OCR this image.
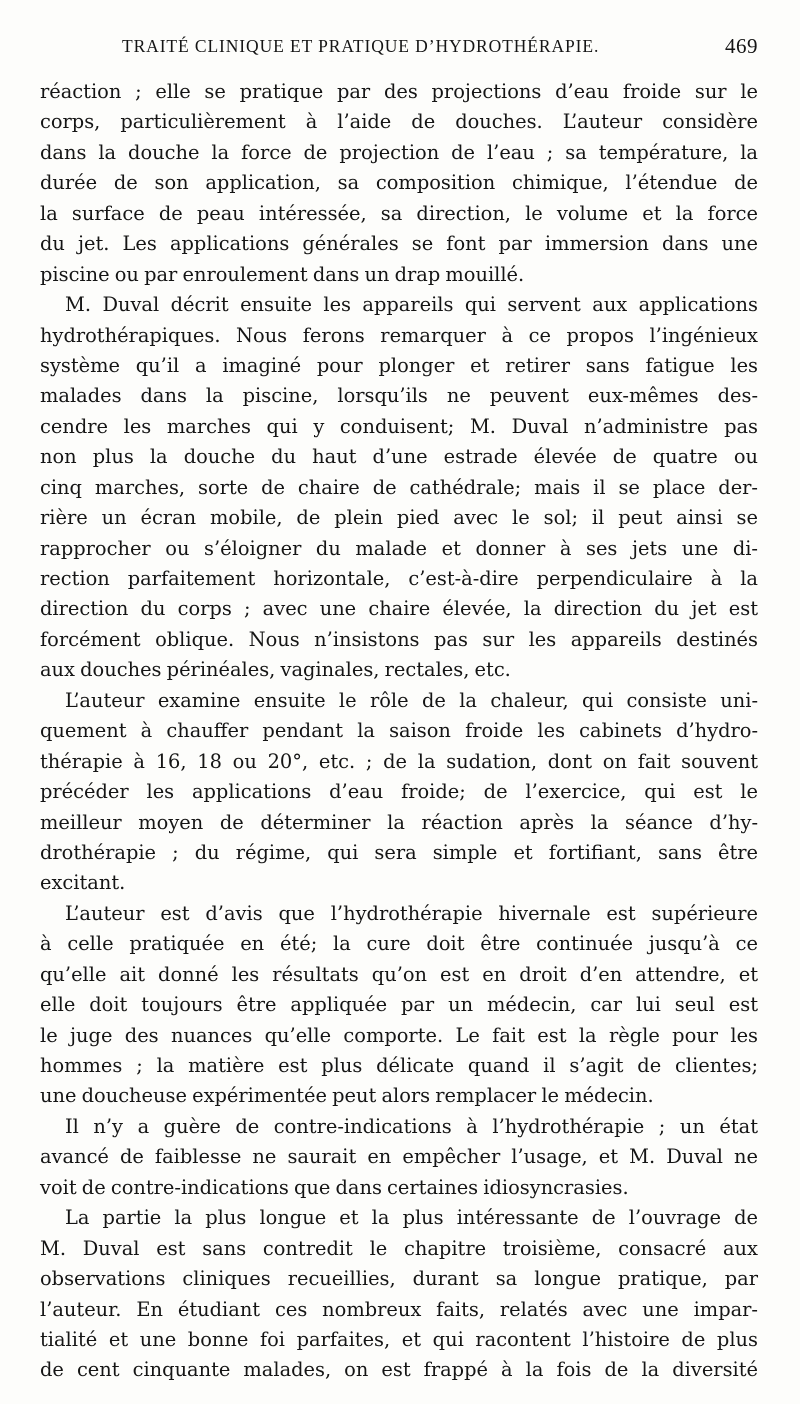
TRAITÉ CLINIQUE ET PRATIQUE D’HYDROTHÉRAPIE.	469
réaction ; elle se pratique par des projections d’eau froide sur le
corps, particulièrement à l’aide de douches. L’auteur considère
dans la douche la force de projection de l’eau ; sa température, la
durée de son application, sa composition chimique, l’étendue de
la surface de peau intéressée, sa direction, le volume et la force
du jet. Les applications générales se font par immersion dans une
piscine ou par enroulement dans un drap mouillé.
M. Duval décrit ensuite les appareils qui servent aux applications
hydrothérapiques. Nous ferons remarquer à ce propos l’ingénieux
système qu’il a imaginé pour plonger et retirer sans fatigue les
malades dans la piscine, lorsqu’ils ne peuvent eux-mêmes des-
cendre les marches qui y conduisent; M. Duval n’administre pas
non plus la douche du haut d’une estrade élevée de quatre ou
cinq marches, sorte de chaire de cathédrale; mais il se place der-
rière un écran mobile, de plein pied avec le sol; il peut ainsi se
rapprocher ou s’éloigner du malade et donner à ses jets une di-
rection parfaitement horizontale, c’est-à-dire perpendiculaire à la
direction du corps ; avec une chaire élevée, la direction du jet est
forcément oblique. Nous n’insistons pas sur les appareils destinés
aux douches périnéales, vaginales, rectales, etc.
L’auteur examine ensuite le rôle de la chaleur, qui consiste uni-
quement à chauffer pendant la saison froide les cabinets d’hydro-
thérapie à 16, 18 ou 20°, etc. ; de la sudation, dont on fait souvent
précéder les applications d’eau froide; de l’exercice, qui est le
meilleur moyen de déterminer la réaction après la séance d’hy-
drothérapie ; du régime, qui sera simple et fortifiant, sans être
excitant.
L’auteur est d’avis que l’hydrothérapie hivernale est supérieure
à celle pratiquée en été; la cure doit être continuée jusqu’à ce
qu’elle ait donné les résultats qu’on est en droit d’en attendre, et
elle doit toujours être appliquée par un médecin, car lui seul est
le juge des nuances qu’elle comporte. Le fait est la règle pour les
hommes ; la matière est plus délicate quand il s’agit de clientes;
une doucheuse expérimentée peut alors remplacer le médecin.
Il n’y a guère de contre-indications à l’hydrothérapie ; un état
avancé de faiblesse ne saurait en empêcher l’usage, et M. Duval ne
voit de contre-indications que dans certaines idiosyncrasies.
La partie la plus longue et la plus intéressante de l’ouvrage de
M. Duval est sans contredit le chapitre troisième, consacré aux
observations cliniques recueillies, durant sa longue pratique, par
l’auteur. En étudiant ces nombreux faits, relatés avec une impar-
tialité et une bonne foi parfaites, et qui racontent l’histoire de plus
de cent cinquante malades, on est frappé à la fois de la diversité
